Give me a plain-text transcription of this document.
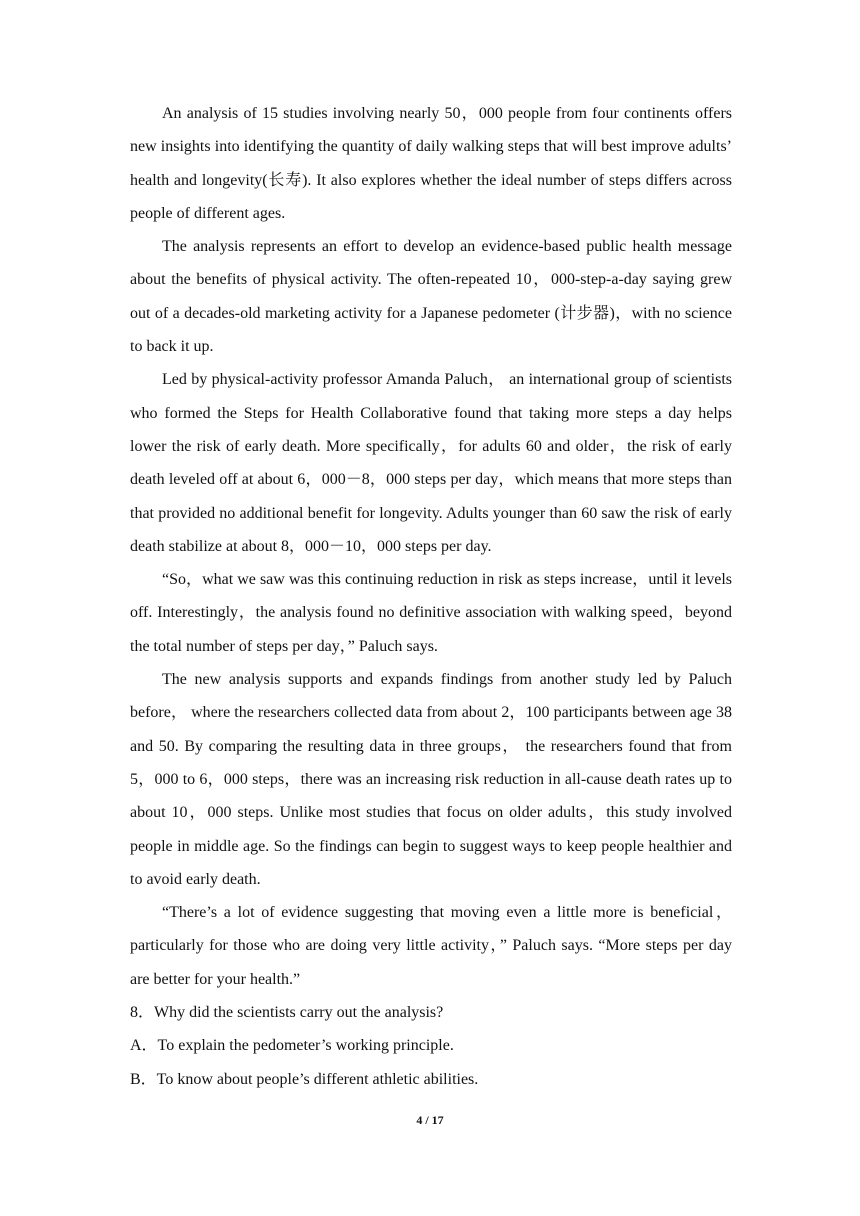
An analysis of 15 studies involving nearly 50，000 people from four continents offers new insights into identifying the quantity of daily walking steps that will best improve adults’ health and longevity(长寿). It also explores whether the ideal number of steps differs across people of different ages.

The analysis represents an effort to develop an evidence-based public health message about the benefits of physical activity. The often-repeated 10，000-step-a-day saying grew out of a decades-old marketing activity for a Japanese pedometer (计步器)，with no science to back it up.

Led by physical-activity professor Amanda Paluch， an international group of scientists who formed the Steps for Health Collaborative found that taking more steps a day helps lower the risk of early death. More specifically，for adults 60 and older，the risk of early death leveled off at about 6，000－8，000 steps per day，which means that more steps than that provided no additional benefit for longevity. Adults younger than 60 saw the risk of early death stabilize at about 8，000－10，000 steps per day.

“So，what we saw was this continuing reduction in risk as steps increase，until it levels off. Interestingly，the analysis found no definitive association with walking speed，beyond the total number of steps per day，” Paluch says.

The new analysis supports and expands findings from another study led by Paluch before， where the researchers collected data from about 2，100 participants between age 38 and 50. By comparing the resulting data in three groups， the researchers found that from 5，000 to 6，000 steps，there was an increasing risk reduction in all-cause death rates up to about 10，000 steps. Unlike most studies that focus on older adults，this study involved people in middle age. So the findings can begin to suggest ways to keep people healthier and to avoid early death.

“There’s a lot of evidence suggesting that moving even a little more is beneficial， particularly for those who are doing very little activity，” Paluch says. “More steps per day are better for your health.”

8．Why did the scientists carry out the analysis?

A．To explain the pedometer’s working principle.

B．To know about people’s different athletic abilities.

4 / 17
